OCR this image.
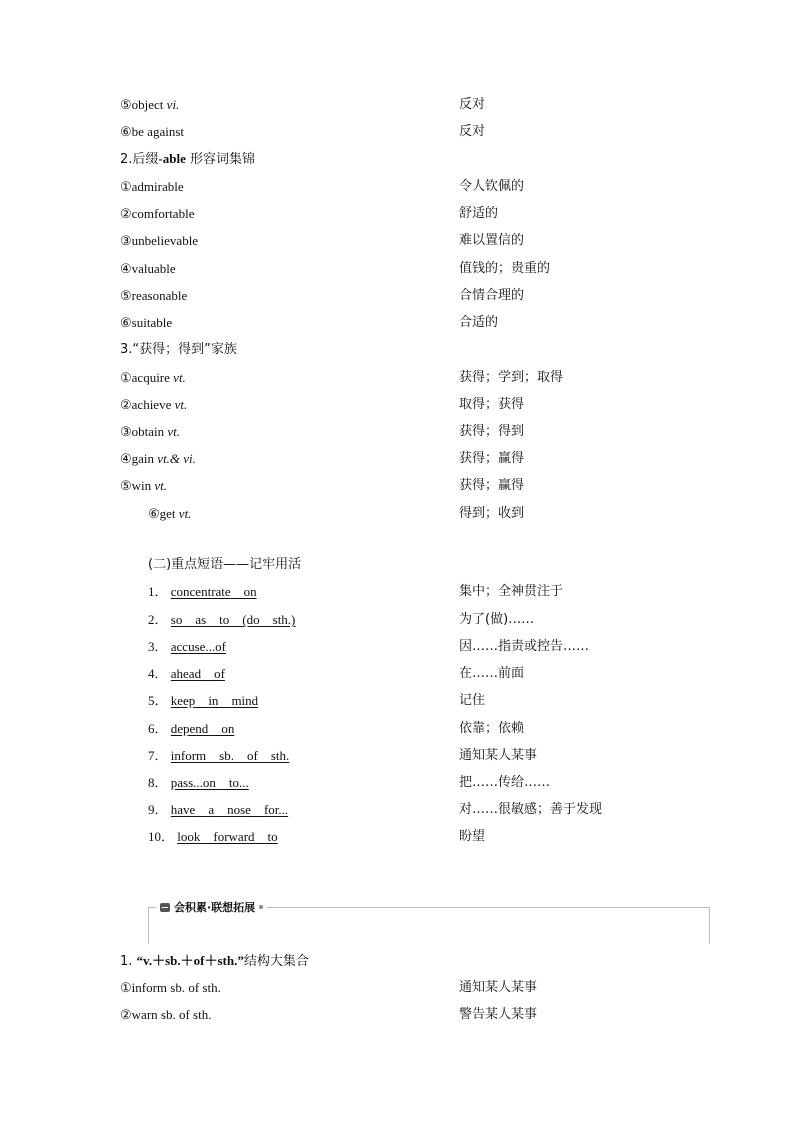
⑤object vi.	反对
⑥be against	反对
2.后缀-able 形容词集锦
①admirable	令人钦佩的
②comfortable	舒适的
③unbelievable	难以置信的
④valuable	值钱的；贵重的
⑤reasonable	合情合理的
⑥suitable	合适的
3.“获得；得到”家族
①acquire vt.	获得；学到；取得
②achieve vt.	取得；获得
③obtain vt.	获得；得到
④gain vt.& vi.	获得；赢得
⑤win vt.	获得；赢得
⑥get vt.	得到；收到
(二)重点短语——记牢用活
1． concentrate on	集中；全神贯注于
2． so as to (do sth.)	为了(做)……
3． accuse...of	因……指责或控告……
4． ahead of	在……前面
5． keep in mind	记住
6． depend on	依靠；依赖
7． inform sb. of sth.	通知某人某事
8． pass...on to...	把……传给……
9． have a nose for...	对……很敏感；善于发现
10． look forward to	盼望
会积累·联想拓展
1. “v.＋sb.＋of＋sth.”结构大集合
①inform sb. of sth.	通知某人某事
②warn sb. of sth.	警告某人某事
